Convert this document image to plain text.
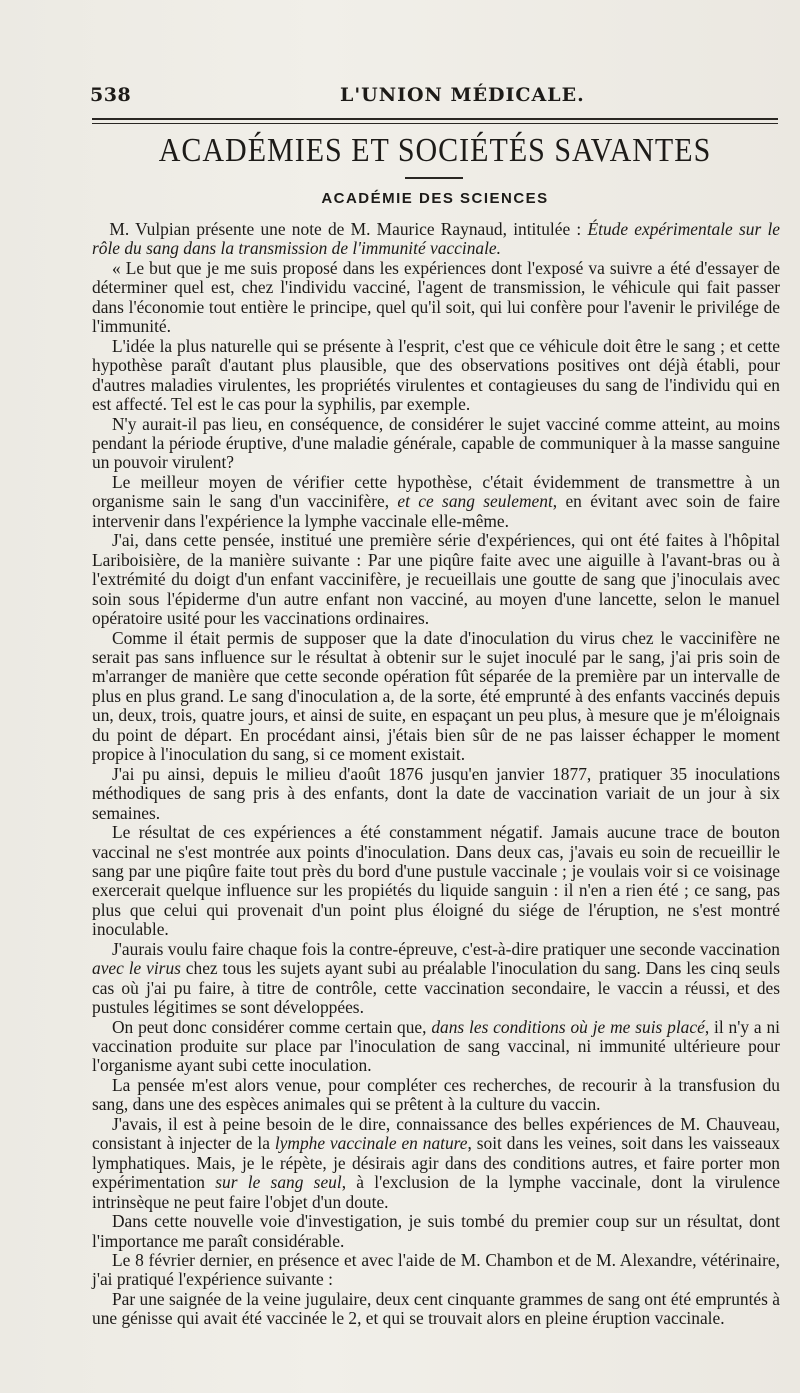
538	L'UNION MÉDICALE.
ACADÉMIES ET SOCIÉTÉS SAVANTES
ACADÉMIE DES SCIENCES

 M. Vulpian présente une note de M. Maurice Raynaud, intitulée : Étude expérimentale sur le rôle du sang dans la transmission de l'immunité vaccinale.

« Le but que je me suis proposé dans les expériences dont l'exposé va suivre a été d'essayer de déterminer quel est, chez l'individu vacciné, l'agent de transmission, le véhicule qui fait passer dans l'économie tout entière le principe, quel qu'il soit, qui lui confère pour l'avenir le privilége de l'immunité.

L'idée la plus naturelle qui se présente à l'esprit, c'est que ce véhicule doit être le sang ; et cette hypothèse paraît d'autant plus plausible, que des observations positives ont déjà établi, pour d'autres maladies virulentes, les propriétés virulentes et contagieuses du sang de l'individu qui en est affecté. Tel est le cas pour la syphilis, par exemple.

N'y aurait-il pas lieu, en conséquence, de considérer le sujet vacciné comme atteint, au moins pendant la période éruptive, d'une maladie générale, capable de communiquer à la masse sanguine un pouvoir virulent?

Le meilleur moyen de vérifier cette hypothèse, c'était évidemment de transmettre à un organisme sain le sang d'un vaccinifère, et ce sang seulement, en évitant avec soin de faire intervenir dans l'expérience la lymphe vaccinale elle-même.

J'ai, dans cette pensée, institué une première série d'expériences, qui ont été faites à l'hôpital Lariboisière, de la manière suivante : Par une piqûre faite avec une aiguille à l'avant-bras ou à l'extrémité du doigt d'un enfant vaccinifère, je recueillais une goutte de sang que j'inoculais avec soin sous l'épiderme d'un autre enfant non vacciné, au moyen d'une lancette, selon le manuel opératoire usité pour les vaccinations ordinaires.

Comme il était permis de supposer que la date d'inoculation du virus chez le vaccinifère ne serait pas sans influence sur le résultat à obtenir sur le sujet inoculé par le sang, j'ai pris soin de m'arranger de manière que cette seconde opération fût séparée de la première par un intervalle de plus en plus grand. Le sang d'inoculation a, de la sorte, été emprunté à des enfants vaccinés depuis un, deux, trois, quatre jours, et ainsi de suite, en espaçant un peu plus, à mesure que je m'éloignais du point de départ. En procédant ainsi, j'étais bien sûr de ne pas laisser échapper le moment propice à l'inoculation du sang, si ce moment existait.

J'ai pu ainsi, depuis le milieu d'août 1876 jusqu'en janvier 1877, pratiquer 35 inoculations méthodiques de sang pris à des enfants, dont la date de vaccination variait de un jour à six semaines.

Le résultat de ces expériences a été constamment négatif. Jamais aucune trace de bouton vaccinal ne s'est montrée aux points d'inoculation. Dans deux cas, j'avais eu soin de recueillir le sang par une piqûre faite tout près du bord d'une pustule vaccinale ; je voulais voir si ce voisinage exercerait quelque influence sur les propiétés du liquide sanguin : il n'en a rien été ; ce sang, pas plus que celui qui provenait d'un point plus éloigné du siége de l'éruption, ne s'est montré inoculable.

J'aurais voulu faire chaque fois la contre-épreuve, c'est-à-dire pratiquer une seconde vaccination avec le virus chez tous les sujets ayant subi au préalable l'inoculation du sang. Dans les cinq seuls cas où j'ai pu faire, à titre de contrôle, cette vaccination secondaire, le vaccin a réussi, et des pustules légitimes se sont développées.

On peut donc considérer comme certain que, dans les conditions où je me suis placé, il n'y a ni vaccination produite sur place par l'inoculation de sang vaccinal, ni immunité ultérieure pour l'organisme ayant subi cette inoculation.

La pensée m'est alors venue, pour compléter ces recherches, de recourir à la transfusion du sang, dans une des espèces animales qui se prêtent à la culture du vaccin.

J'avais, il est à peine besoin de le dire, connaissance des belles expériences de M. Chauveau, consistant à injecter de la lymphe vaccinale en nature, soit dans les veines, soit dans les vaisseaux lymphatiques. Mais, je le répète, je désirais agir dans des conditions autres, et faire porter mon expérimentation sur le sang seul, à l'exclusion de la lymphe vaccinale, dont la virulence intrinsèque ne peut faire l'objet d'un doute.

Dans cette nouvelle voie d'investigation, je suis tombé du premier coup sur un résultat, dont l'importance me paraît considérable.

Le 8 février dernier, en présence et avec l'aide de M. Chambon et de M. Alexandre, vétérinaire, j'ai pratiqué l'expérience suivante :

Par une saignée de la veine jugulaire, deux cent cinquante grammes de sang ont été empruntés à une génisse qui avait été vaccinée le 2, et qui se trouvait alors en pleine éruption vaccinale.
